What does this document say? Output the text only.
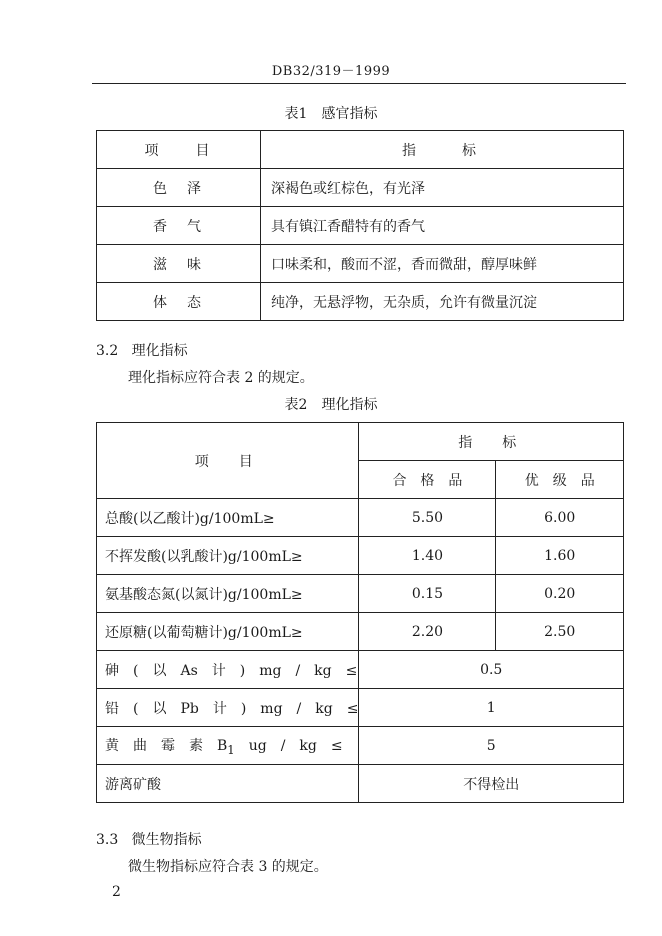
DB32/319－1999
表1　感官指标
项　　目	指　　标
色　泽	深褐色或红棕色，有光泽
香　气	具有镇江香醋特有的香气
滋　味	口味柔和，酸而不涩，香而微甜，醇厚味鲜
体　态	纯净，无悬浮物，无杂质，允许有微量沉淀
3.2 理化指标
理化指标应符合表 2 的规定。
表2　理化指标
项　目	指　标	
	合　格　品	优　级　品
总酸(以乙酸计)g/100mL≥	5.50	6.00
不挥发酸(以乳酸计)g/100mL≥	1.40	1.60
氨基酸态氮(以氮计)g/100mL≥	0.15	0.20
还原糖(以葡萄糖计)g/100mL≥	2.20	2.50
砷　(　以　As　计　)　mg　/　kg　≤	0.5	
铅　(　以　Pb　计　)　mg　/　kg　≤	1	
黄　曲　霉　素　$B_1$　ug　/　kg　≤	5	
游离矿酸	不得检出	
3.3 微生物指标
微生物指标应符合表 3 的规定。
2
